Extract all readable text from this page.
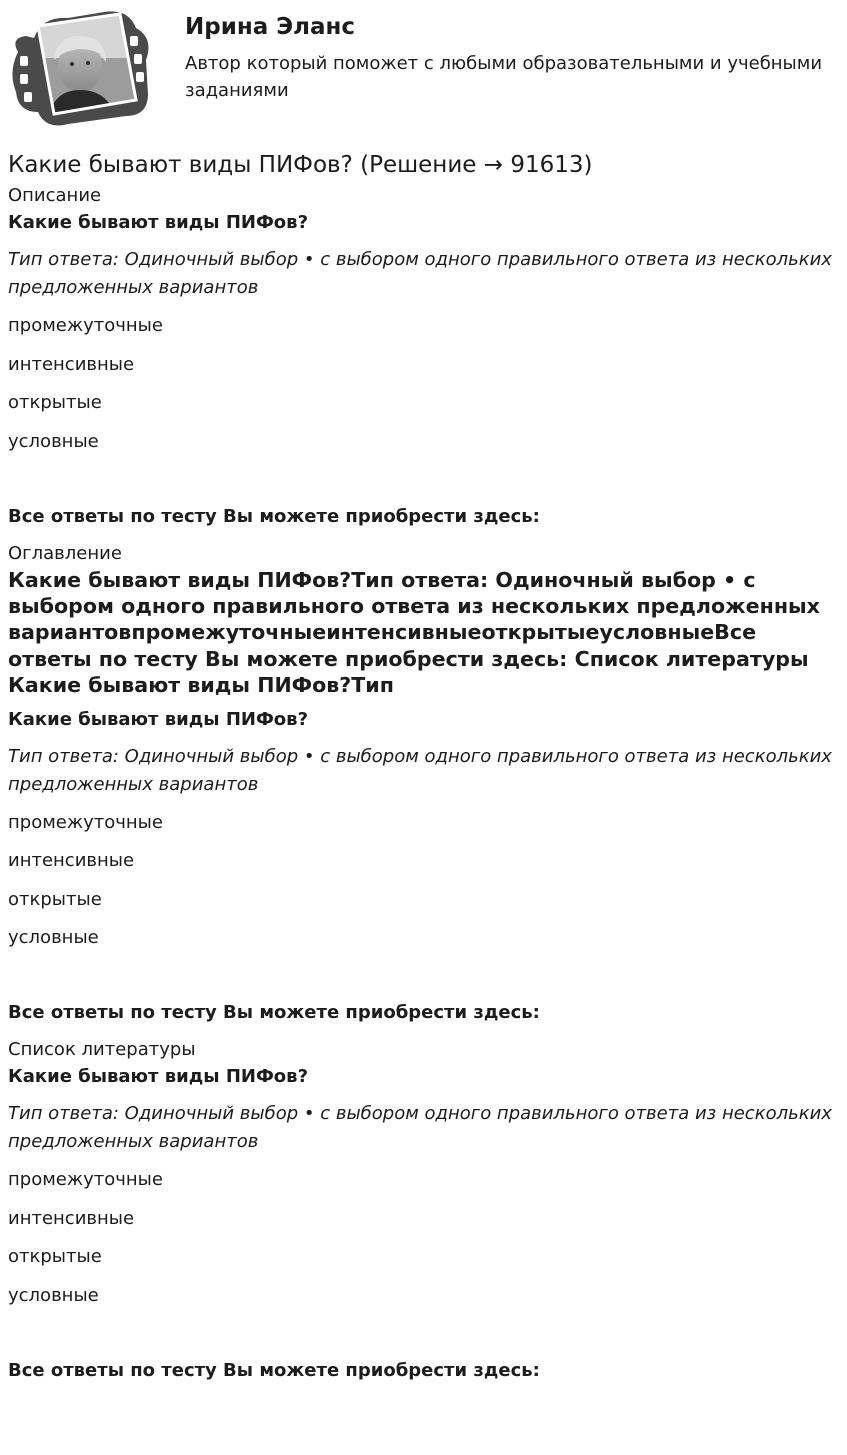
Ирина Эланс

Автор который поможет с любыми образовательными и учебными заданиями

Какие бывают виды ПИФов? (Решение → 91613)

Описание

Какие бывают виды ПИФов?

Тип ответа: Одиночный выбор • с выбором одного правильного ответа из нескольких предложенных вариантов

промежуточные
интенсивные
открытые
условные

Все ответы по тесту Вы можете приобрести здесь:

Оглавление

Какие бывают виды ПИФов?Тип ответа: Одиночный выбор • с выбором одного правильного ответа из нескольких предложенных вариантовпромежуточныеинтенсивныеоткрытыеусловныеВсе ответы по тесту Вы можете приобрести здесь: Список литературы Какие бывают виды ПИФов?Тип

Какие бывают виды ПИФов?

Тип ответа: Одиночный выбор • с выбором одного правильного ответа из нескольких предложенных вариантов

промежуточные
интенсивные
открытые
условные

Все ответы по тесту Вы можете приобрести здесь:

Список литературы

Какие бывают виды ПИФов?

Тип ответа: Одиночный выбор • с выбором одного правильного ответа из нескольких предложенных вариантов

промежуточные
интенсивные
открытые
условные

Все ответы по тесту Вы можете приобрести здесь:
